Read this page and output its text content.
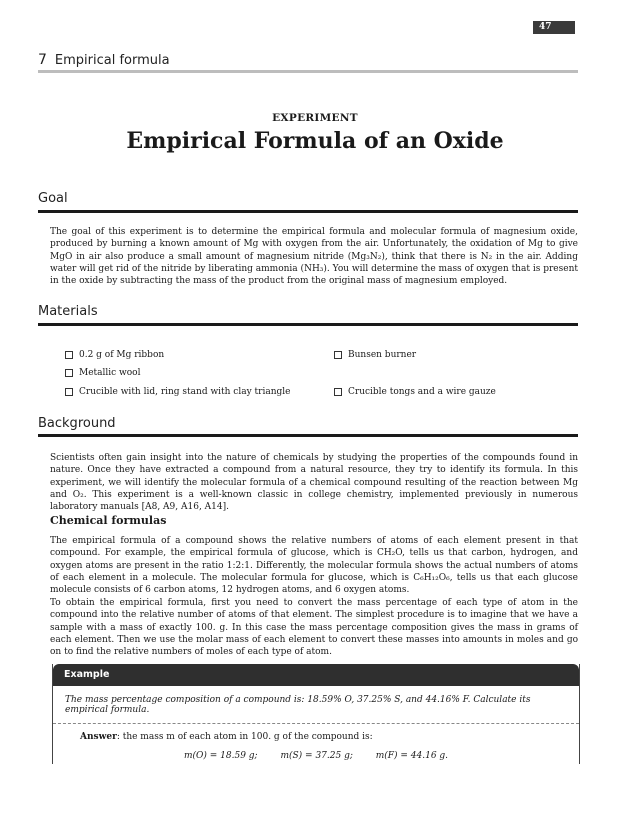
47
7 Empirical formula
EXPERIMENT
Empirical Formula of an Oxide
Goal

The goal of this experiment is to determine the empirical formula and molecular formula of magnesium oxide, produced by burning a known amount of Mg with oxygen from the air. Unfortunately, the oxidation of Mg to give MgO in air also produce a small amount of magnesium nitride (Mg₃N₂), think that there is N₂ in the air. Adding water will get rid of the nitride by liberating ammonia (NH₃). You will determine the mass of oxygen that is present in the oxide by subtracting the mass of the product from the original mass of magnesium employed.

Materials
0.2 g of Mg ribbon
Metallic wool
Crucible with lid, ring stand with clay triangle
Bunsen burner
Crucible tongs and a wire gauze
Background

Scientists often gain insight into the nature of chemicals by studying the properties of the compounds found in nature. Once they have extracted a compound from a natural resource, they try to identify its formula. In this experiment, we will identify the molecular formula of a chemical compound resulting of the reaction between Mg and O₂. This experiment is a well-known classic in college chemistry, implemented previously in numerous laboratory manuals [A8, A9, A16, A14].

Chemical formulas

The empirical formula of a compound shows the relative numbers of atoms of each element present in that compound. For example, the empirical formula of glucose, which is CH₂O, tells us that carbon, hydrogen, and oxygen atoms are present in the ratio 1:2:1. Differently, the molecular formula shows the actual numbers of atoms of each element in a molecule. The molecular formula for glucose, which is C₆H₁₂O₆, tells us that each glucose molecule consists of 6 carbon atoms, 12 hydrogen atoms, and 6 oxygen atoms.

To obtain the empirical formula, first you need to convert the mass percentage of each type of atom in the compound into the relative number of atoms of that element. The simplest procedure is to imagine that we have a sample with a mass of exactly 100. g. In this case the mass percentage composition gives the mass in grams of each element. Then we use the molar mass of each element to convert these masses into amounts in moles and go on to find the relative numbers of moles of each type of atom.

Example
The mass percentage composition of a compound is: 18.59% O, 37.25% S, and 44.16% F. Calculate its empirical formula.
Answer: the mass m of each atom in 100. g of the compound is:
m(O) = 18.59 g;	m(S) = 37.25 g;	m(F) = 44.16 g.
